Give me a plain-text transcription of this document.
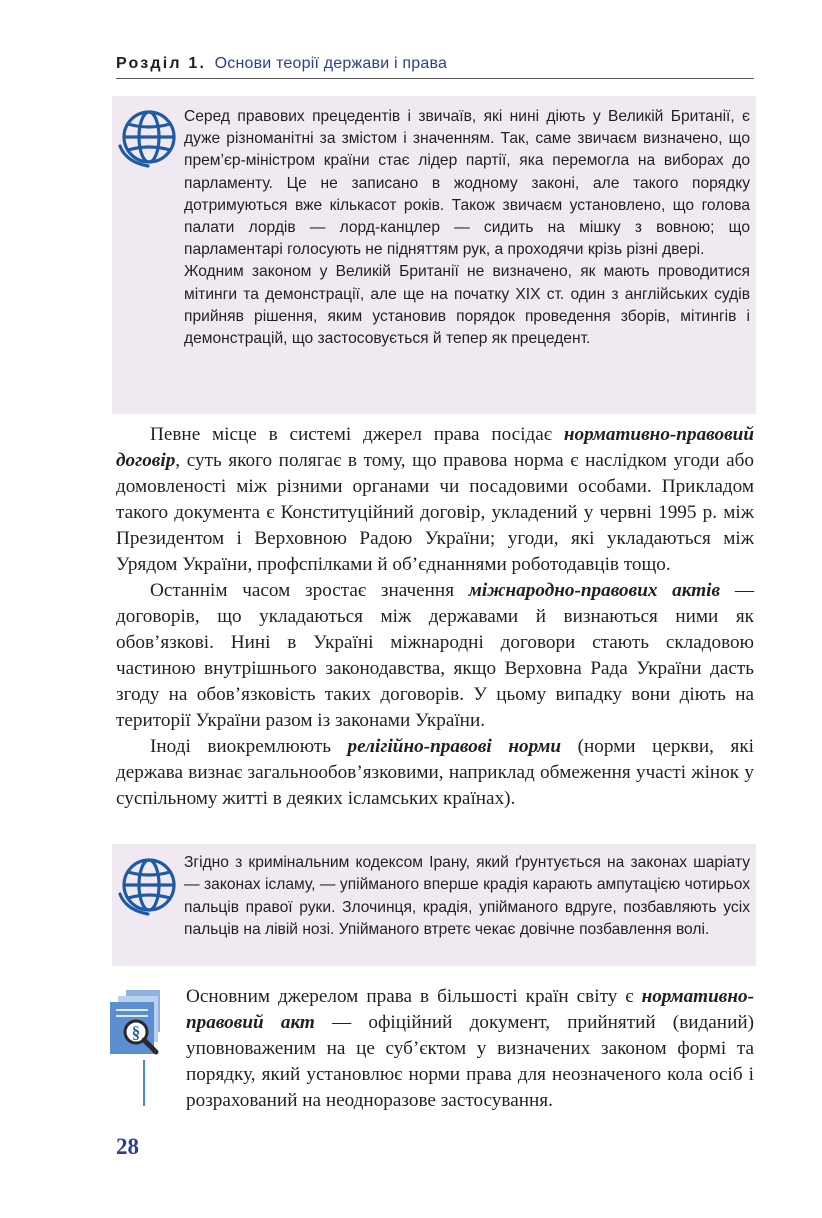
Розділ 1. Основи теорії держави і права

Серед правових прецедентів і звичаїв, які нині діють у Великій Британії, є дуже різноманітні за змістом і значенням. Так, саме звичаєм визначено, що прем’єр-міністром країни стає лідер партії, яка перемогла на виборах до парламенту. Це не записано в жодному законі, але такого порядку дотримуються вже кількасот років. Також звичаєм установлено, що голова палати лордів — лорд-канцлер — сидить на мішку з вовною; що парламентарі голосують не підняттям рук, а проходячи крізь різні двері.

Жодним законом у Великій Британії не визначено, як мають проводитися мітинги та демонстрації, але ще на початку XIX ст. один з англійських судів прийняв рішення, яким установив порядок проведення зборів, мітингів і демонстрацій, що застосовується й тепер як прецедент.

Певне місце в системі джерел права посідає нормативно-правовий договір, суть якого полягає в тому, що правова норма є наслідком угоди або домовленості між різними органами чи посадовими особами. Прикладом такого документа є Конституційний договір, укладений у червні 1995 р. між Президентом і Верховною Радою України; угоди, які укладаються між Урядом України, профспілками й об’єднаннями роботодавців тощо.

Останнім часом зростає значення міжнародно-правових актів — договорів, що укладаються між державами й визнаються ними як обов’язкові. Нині в Україні міжнародні договори стають складовою частиною внутрішнього законодавства, якщо Верховна Рада України дасть згоду на обов’язковість таких договорів. У цьому випадку вони діють на території України разом із законами України.

Іноді виокремлюють релігійно-правові норми (норми церкви, які держава визнає загальнообов’язковими, наприклад обмеження участі жінок у суспільному житті в деяких ісламських країнах).

Згідно з кримінальним кодексом Ірану, який ґрунтується на законах шаріату — законах ісламу, — упійманого вперше крадія карають ампутацією чотирьох пальців правої руки. Злочинця, крадія, упійманого вдруге, позбавляють усіх пальців на лівій нозі. Упійманого втретє чекає довічне позбавлення волі.
§
Основним джерелом права в більшості країн світу є нормативно-правовий акт — офіційний документ, прийнятий (виданий) уповноваженим на це суб’єктом у визначених законом формі та порядку, який установлює норми права для неозначеного кола осіб і розрахований на неодноразове застосування.
28
